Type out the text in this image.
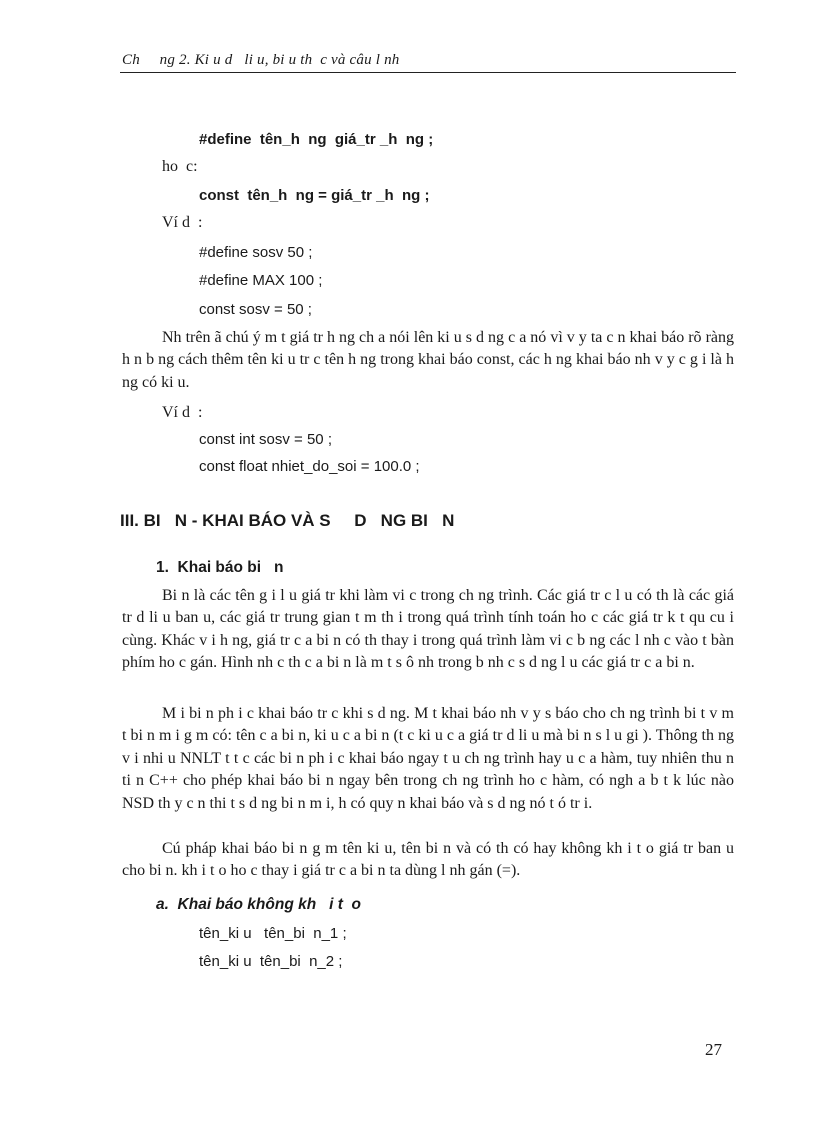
Ch     ng 2. Ki u d   li u, bi u th  c và câu l nh
#define  tên_h  ng  giá_tr _h  ng ;
ho  c:
const  tên_h  ng = giá_tr _h  ng ;
Ví d  :
#define sosv 50 ;
#define MAX 100 ;
const sosv = 50 ;

Nh trên ã chú ý m t giá tr h ng ch a nói lên ki u s d ng c a nó vì v y ta c n khai báo rõ ràng h n b ng cách thêm tên ki u tr c tên h ng trong khai báo const, các h ng khai báo nh v y c g i là h ng có ki u.

Ví d  :
const int sosv = 50 ;
const float nhiet_do_soi = 100.0 ;
III. BI   N - KHAI BÁO VÀ S     D   NG BI   N
1.  Khai báo bi   n

Bi n là các tên g i l u giá tr khi làm vi c trong ch ng trình. Các giá tr c l u có th là các giá tr d li u ban u, các giá tr trung gian t m th i trong quá trình tính toán ho c các giá tr k t qu cu i cùng. Khác v i h ng, giá tr c a bi n có th thay i trong quá trình làm vi c b ng các l nh c vào t bàn phím ho c gán. Hình nh c th c a bi n là m t s ô nh trong b nh c s d ng l u các giá tr c a bi n.

M i bi n ph i c khai báo tr c khi s d ng. M t khai báo nh v y s báo cho ch ng trình bi t v m t bi n m i g m có: tên c a bi n, ki u c a bi n (t c ki u c a giá tr d li u mà bi n s l u gi ). Thông th ng v i nhi u NNLT t t c các bi n ph i c khai báo ngay t u ch ng trình hay u c a hàm, tuy nhiên thu n ti n C++ cho phép khai báo bi n ngay bên trong ch ng trình ho c hàm, có ngh a b t k lúc nào NSD th y c n thi t s d ng bi n m i, h có quy n khai báo và s d ng nó t ó tr i.

Cú pháp khai báo bi n g m tên ki u, tên bi n và có th có hay không kh i t o giá tr ban u cho bi n. kh i t o ho c thay i giá tr c a bi n ta dùng l nh gán (=).

a.  Khai báo không kh   i t  o
tên_ki u   tên_bi  n_1 ;
tên_ki u  tên_bi  n_2 ;
27
